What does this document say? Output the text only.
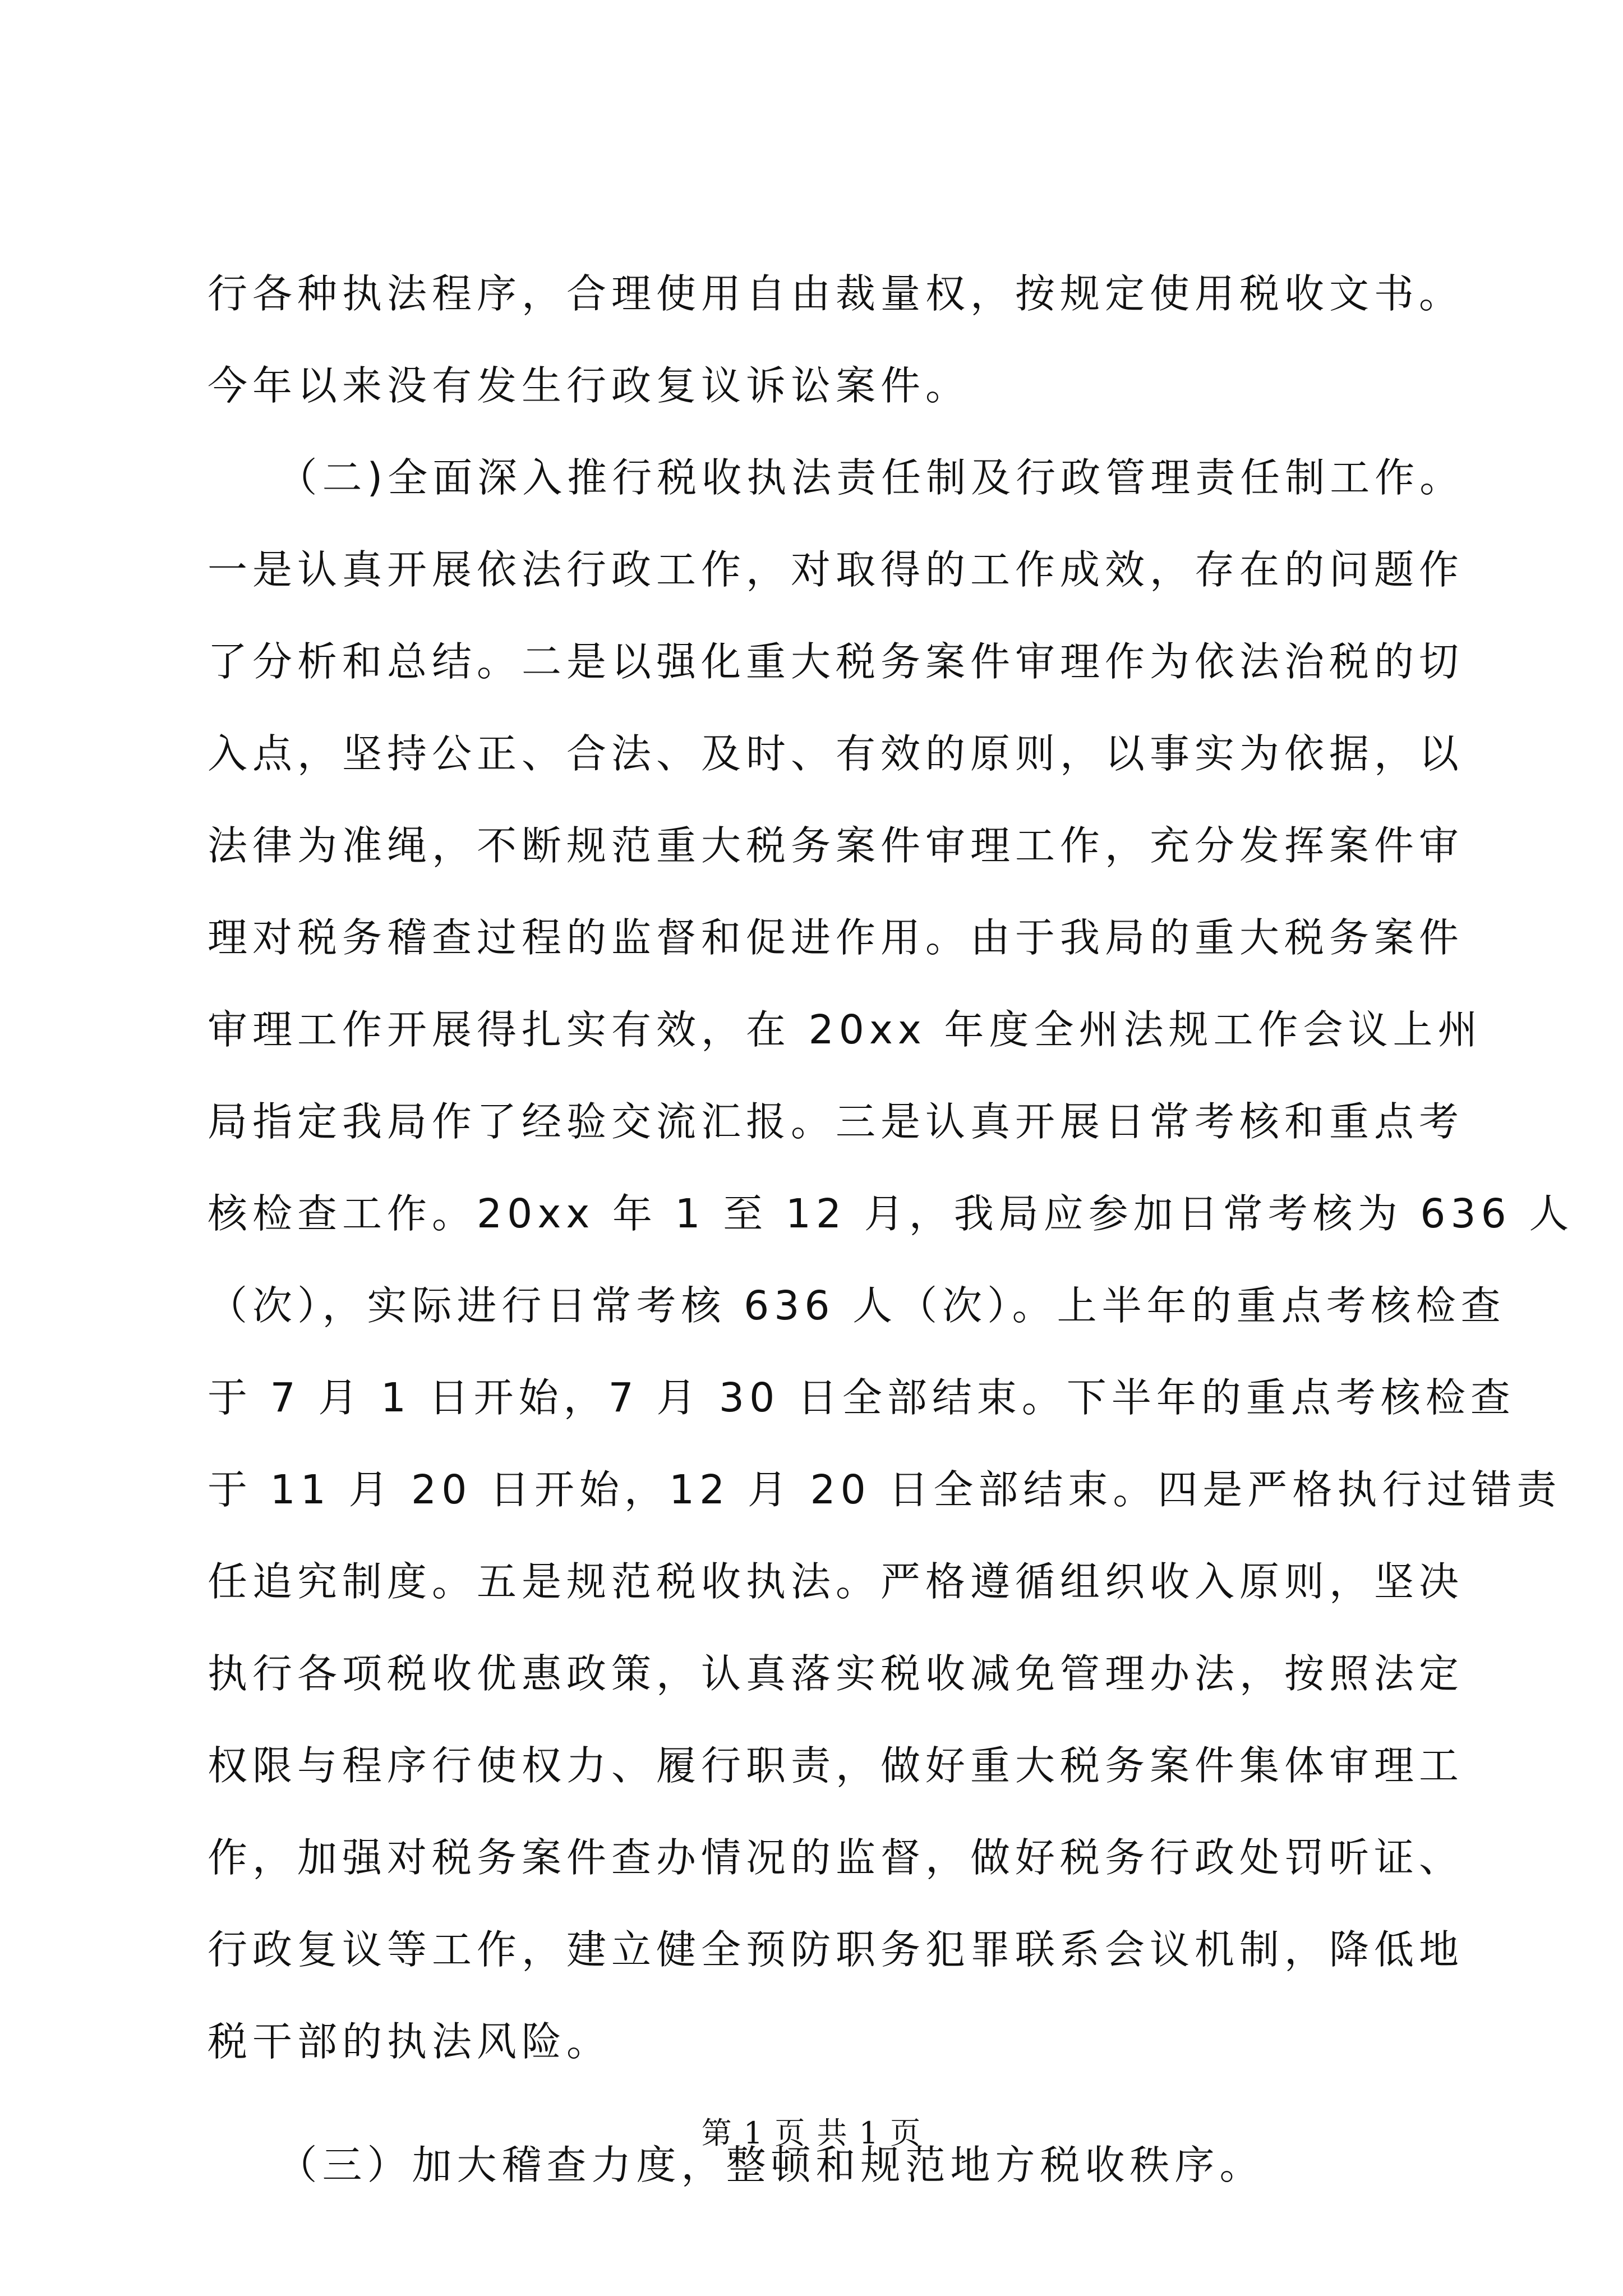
行各种执法程序，合理使用自由裁量权，按规定使用税收文书。
今年以来没有发生行政复议诉讼案件。
　　（二)全面深入推行税收执法责任制及行政管理责任制工作。
一是认真开展依法行政工作，对取得的工作成效，存在的问题作
了分析和总结。二是以强化重大税务案件审理作为依法治税的切
入点，坚持公正、合法、及时、有效的原则，以事实为依据，以
法律为准绳，不断规范重大税务案件审理工作，充分发挥案件审
理对税务稽查过程的监督和促进作用。由于我局的重大税务案件
审理工作开展得扎实有效，在 20xx 年度全州法规工作会议上州
局指定我局作了经验交流汇报。三是认真开展日常考核和重点考
核检查工作。20xx 年 1 至 12 月，我局应参加日常考核为 636 人
（次），实际进行日常考核 636 人（次）。上半年的重点考核检查
于 7 月 1 日开始，7 月 30 日全部结束。下半年的重点考核检查
于 11 月 20 日开始，12 月 20 日全部结束。四是严格执行过错责
任追究制度。五是规范税收执法。严格遵循组织收入原则，坚决
执行各项税收优惠政策，认真落实税收减免管理办法，按照法定
权限与程序行使权力、履行职责，做好重大税务案件集体审理工
作，加强对税务案件查办情况的监督，做好税务行政处罚听证、
行政复议等工作，建立健全预防职务犯罪联系会议机制，降低地
税干部的执法风险。
　　（三）加大稽查力度，整顿和规范地方税收秩序。
第 1 页 共 1 页
